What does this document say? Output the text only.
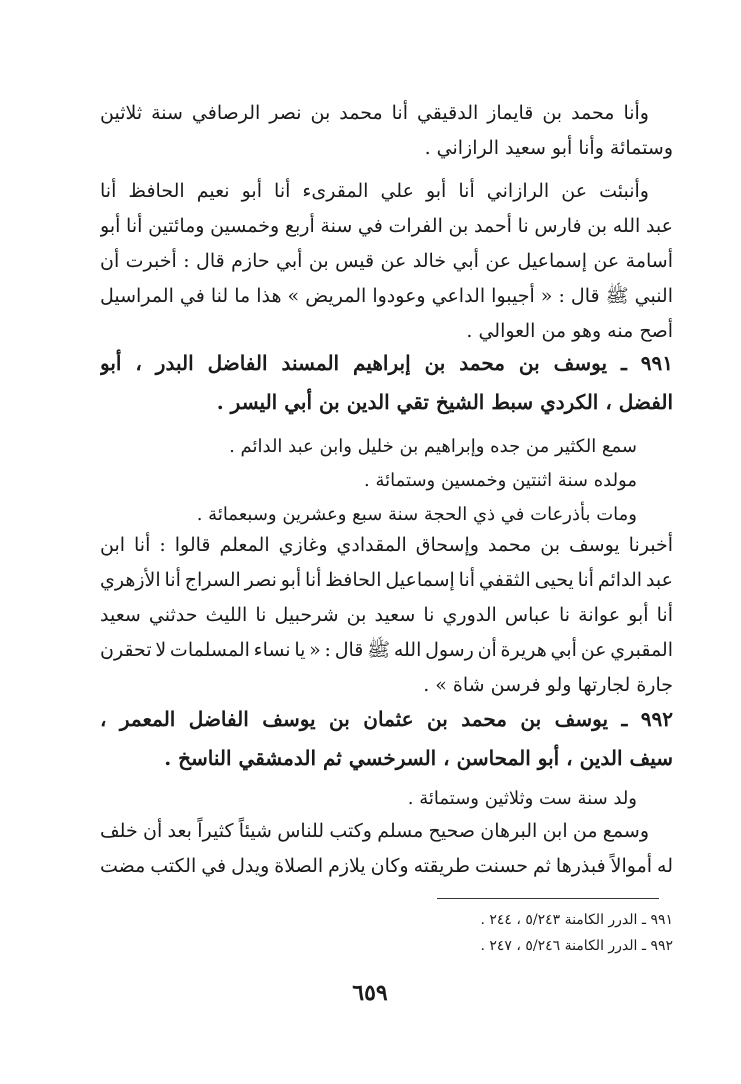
وأنا محمد بن قايماز الدقيقي أنا محمد بن نصر الرصافي سنة ثلاثين
وستمائة وأنا أبو سعيد الرازاني .
وأنبئت عن الرازاني أنا أبو علي المقرىء أنا أبو نعيم الحافظ أنا
عبد الله بن فارس نا أحمد بن الفرات في سنة أربع وخمسين ومائتين أنا أبو
أسامة عن إسماعيل عن أبي خالد عن قيس بن أبي حازم قال : أخبرت أن
النبي ﷺ قال : « أجيبوا الداعي وعودوا المريض » هذا ما لنا في المراسيل
أصح منه وهو من العوالي .
٩٩١ ـ يوسف بن محمد بن إبراهيم المسند الفاضل البدر ، أبو
الفضل ، الكردي سبط الشيخ تقي الدين بن أبي اليسر .
سمع الكثير من جده وإبراهيم بن خليل وابن عبد الدائم .
مولده سنة اثنتين وخمسين وستمائة .
ومات بأذرعات في ذي الحجة سنة سبع وعشرين وسبعمائة .
أخبرنا يوسف بن محمد وإسحاق المقدادي وغازي المعلم قالوا : أنا ابن
عبد الدائم أنا يحيى الثقفي أنا إسماعيل الحافظ أنا أبو نصر السراج أنا الأزهري
أنا أبو عوانة نا عباس الدوري نا سعيد بن شرحبيل نا الليث حدثني سعيد
المقبري عن أبي هريرة أن رسول الله ﷺ قال : « يا نساء المسلمات لا تحقرن
جارة لجارتها ولو فرسن شاة » .
٩٩٢ ـ يوسف بن محمد بن عثمان بن يوسف الفاضل المعمر ،
سيف الدين ، أبو المحاسن ، السرخسي ثم الدمشقي الناسخ .
ولد سنة ست وثلاثين وستمائة .
وسمع من ابن البرهان صحيح مسلم وكتب للناس شيئاً كثيراً بعد أن خلف
له أموالاً فبذرها ثم حسنت طريقته وكان يلازم الصلاة ويدل في الكتب مضت
٩٩١ ـ الدرر الكامنة ٥/٢٤٣ ، ٢٤٤ .
٩٩٢ ـ الدرر الكامنة ٥/٢٤٦ ، ٢٤٧ .
٦٥٩
